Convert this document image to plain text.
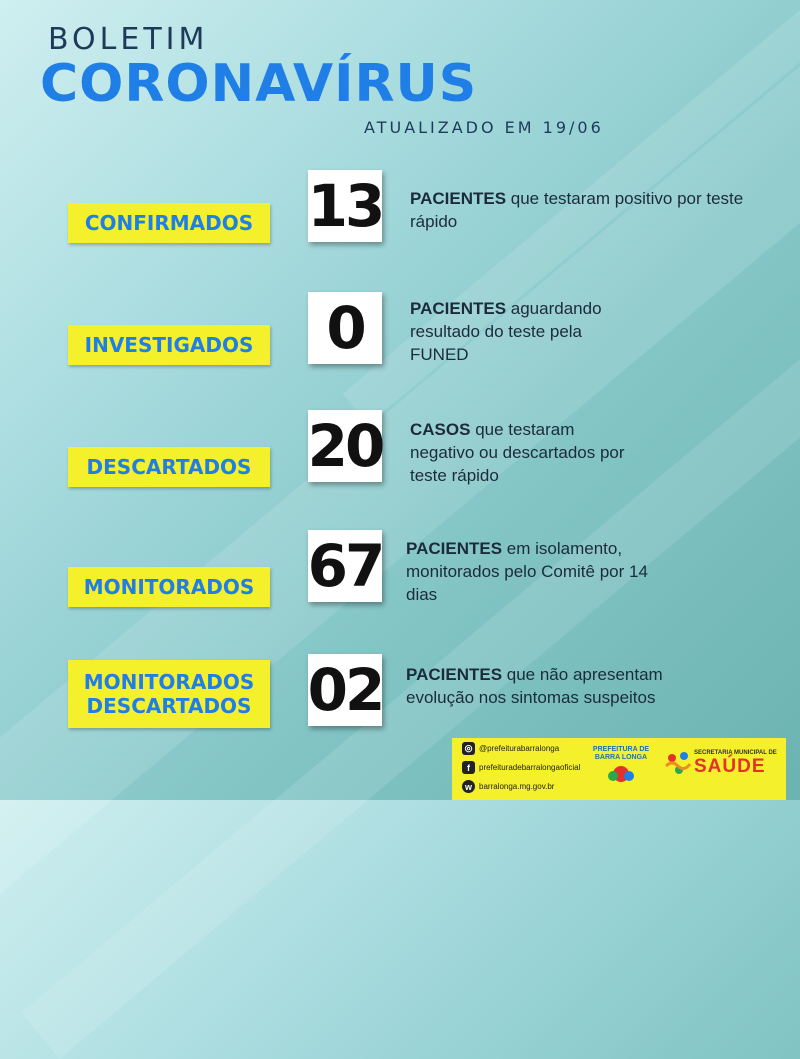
BOLETIM
CORONAVÍRUS
ATUALIZADO EM 19/06
CONFIRMADOS 13 PACIENTES que testaram positivo por teste rápido
INVESTIGADOS	0	PACIENTES aguardando resultado do teste pela FUNED
DESCARTADOS 20 CASOS que testaram negativo ou descartados por teste rápido
MONITORADOS 67 PACIENTES em isolamento, monitorados pelo Comitê por 14 dias
MONITORADOS DESCARTADOS 02 PACIENTES que não apresentam evolução nos sintomas suspeitos
◎ @prefeiturabarralonga
f	prefeituradebarralongaoficial
w barralonga.mg.gov.br
PREFEITURA DE BARRA LONGA
SECRETARIA MUNICIPAL DE
SAÚDE
